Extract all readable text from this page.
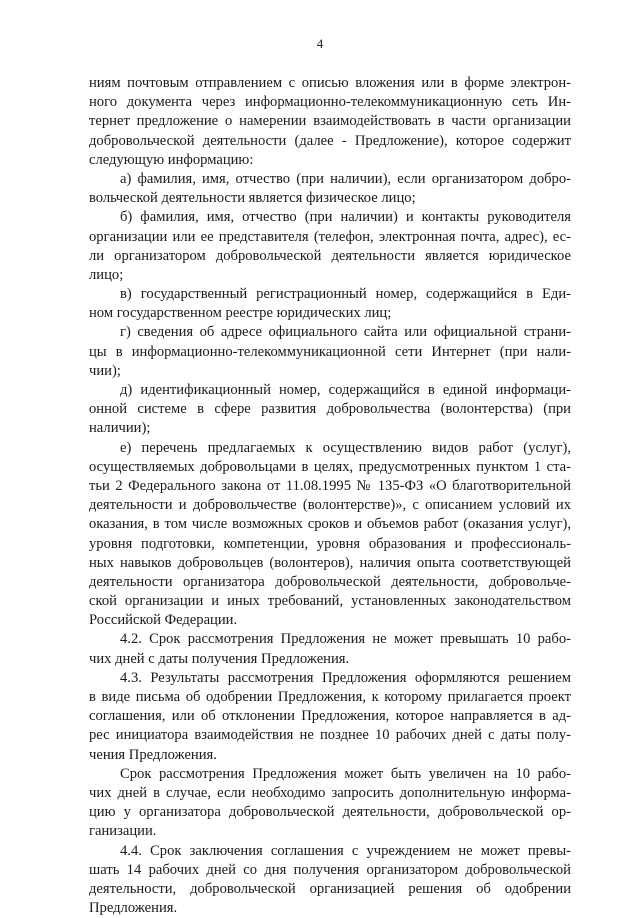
4
ниям почтовым отправлением с описью вложения или в форме электрон-
ного документа через информационно-телекоммуникационную сеть Ин-
тернет предложение о намерении взаимодействовать в части организации
добровольческой деятельности (далее - Предложение), которое содержит
следующую информацию:
а) фамилия, имя, отчество (при наличии), если организатором добро-
вольческой деятельности является физическое лицо;
б) фамилия, имя, отчество (при наличии) и контакты руководителя
организации или ее представителя (телефон, электронная почта, адрес), ес-
ли организатором добровольческой деятельности является юридическое
лицо;
в) государственный регистрационный номер, содержащийся в Еди-
ном государственном реестре юридических лиц;
г) сведения об адресе официального сайта или официальной страни-
цы в информационно-телекоммуникационной сети Интернет (при нали-
чии);
д) идентификационный номер, содержащийся в единой информаци-
онной системе в сфере развития добровольчества (волонтерства) (при
наличии);
е) перечень предлагаемых к осуществлению видов работ (услуг),
осуществляемых добровольцами в целях, предусмотренных пунктом 1 ста-
тьи 2 Федерального закона от 11.08.1995 № 135-ФЗ «О благотворительной
деятельности и добровольчестве (волонтерстве)», с описанием условий их
оказания, в том числе возможных сроков и объемов работ (оказания услуг),
уровня подготовки, компетенции, уровня образования и профессиональ-
ных навыков добровольцев (волонтеров), наличия опыта соответствующей
деятельности организатора добровольческой деятельности, добровольче-
ской организации и иных требований, установленных законодательством
Российской Федерации.
4.2. Срок рассмотрения Предложения не может превышать 10 рабо-
чих дней с даты получения Предложения.
4.3. Результаты рассмотрения Предложения оформляются решением
в виде письма об одобрении Предложения, к которому прилагается проект
соглашения, или об отклонении Предложения, которое направляется в ад-
рес инициатора взаимодействия не позднее 10 рабочих дней с даты полу-
чения Предложения.
Срок рассмотрения Предложения может быть увеличен на 10 рабо-
чих дней в случае, если необходимо запросить дополнительную информа-
цию у организатора добровольческой деятельности, добровольческой ор-
ганизации.
4.4. Срок заключения соглашения с учреждением не может превы-
шать 14 рабочих дней со дня получения организатором добровольческой
деятельности, добровольческой организацией решения об одобрении
Предложения.
